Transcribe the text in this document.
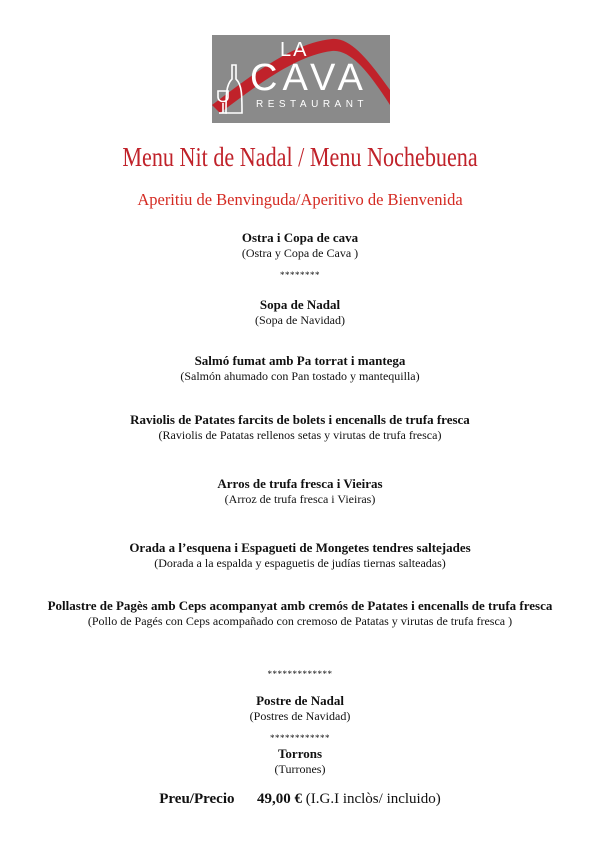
LA
CAVA
RESTAURANT
Menu Nit de Nadal / Menu Nochebuena
Aperitiu de Benvinguda/Aperitivo de Bienvenida
Ostra i Copa de cava
(Ostra y Copa de Cava )
********
Sopa de Nadal
(Sopa de Navidad)
Salmó fumat amb Pa torrat i mantega
(Salmón ahumado con Pan tostado y mantequilla)
Raviolis de Patates farcits de bolets i encenalls de trufa fresca
(Raviolis de Patatas rellenos setas y virutas de trufa fresca)
Arros de trufa fresca i Vieiras
(Arroz de trufa fresca i Vieiras)
Orada a l’esquena i Espagueti de Mongetes tendres saltejades
(Dorada a la espalda y espaguetis de judías tiernas salteadas)
Pollastre de Pagès amb Ceps acompanyat amb cremós de Patates i encenalls de trufa fresca
(Pollo de Pagés con Ceps acompañado con cremoso de Patatas y virutas de trufa fresca )
*************
Postre de Nadal
(Postres de Navidad)
************
Torrons
(Turrones)
Preu/Precio 49,00 € (I.G.I inclòs/ incluido)
